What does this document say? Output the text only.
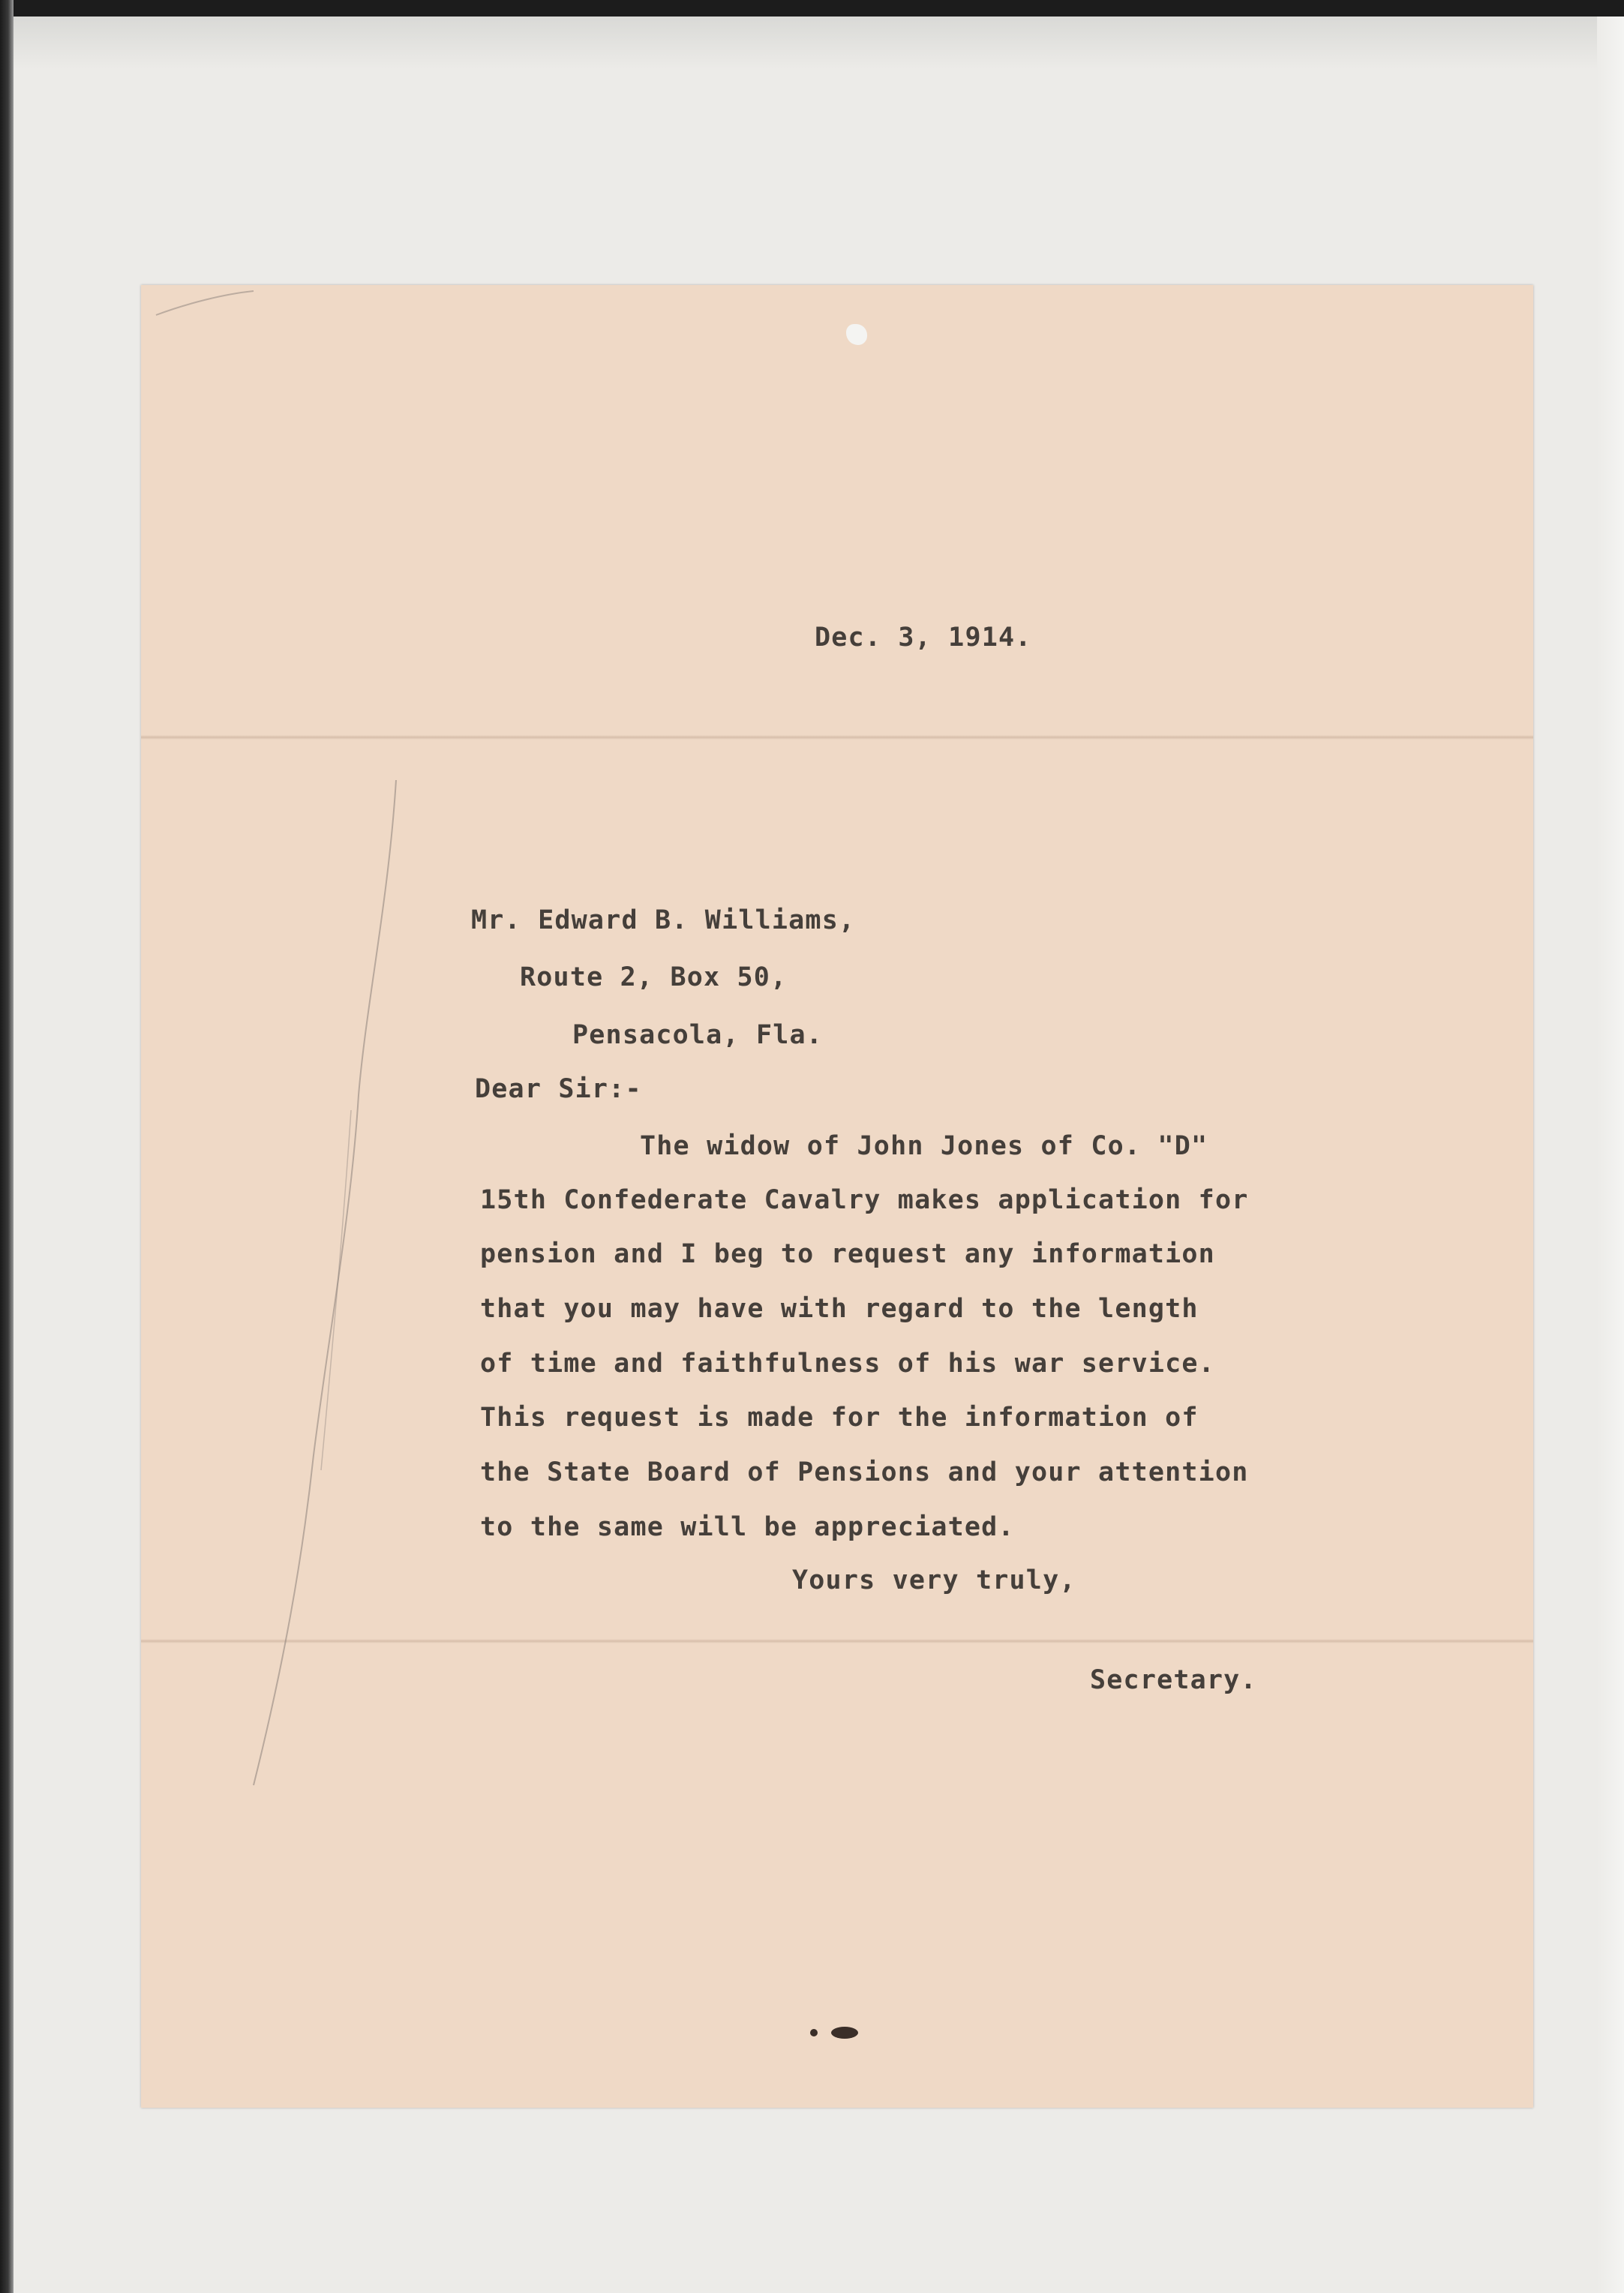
Dec. 3, 1914.
Mr. Edward B. Williams,
Route 2, Box 50,
Pensacola, Fla.
Dear Sir:-
The widow of John Jones of Co. "D"
15th Confederate Cavalry makes application for
pension and I beg to request any information
that you may have with regard to the length
of time and faithfulness of his war service.
This request is made for the information of
the State Board of Pensions and your attention
to the same will be appreciated.
Yours very truly,
Secretary.
